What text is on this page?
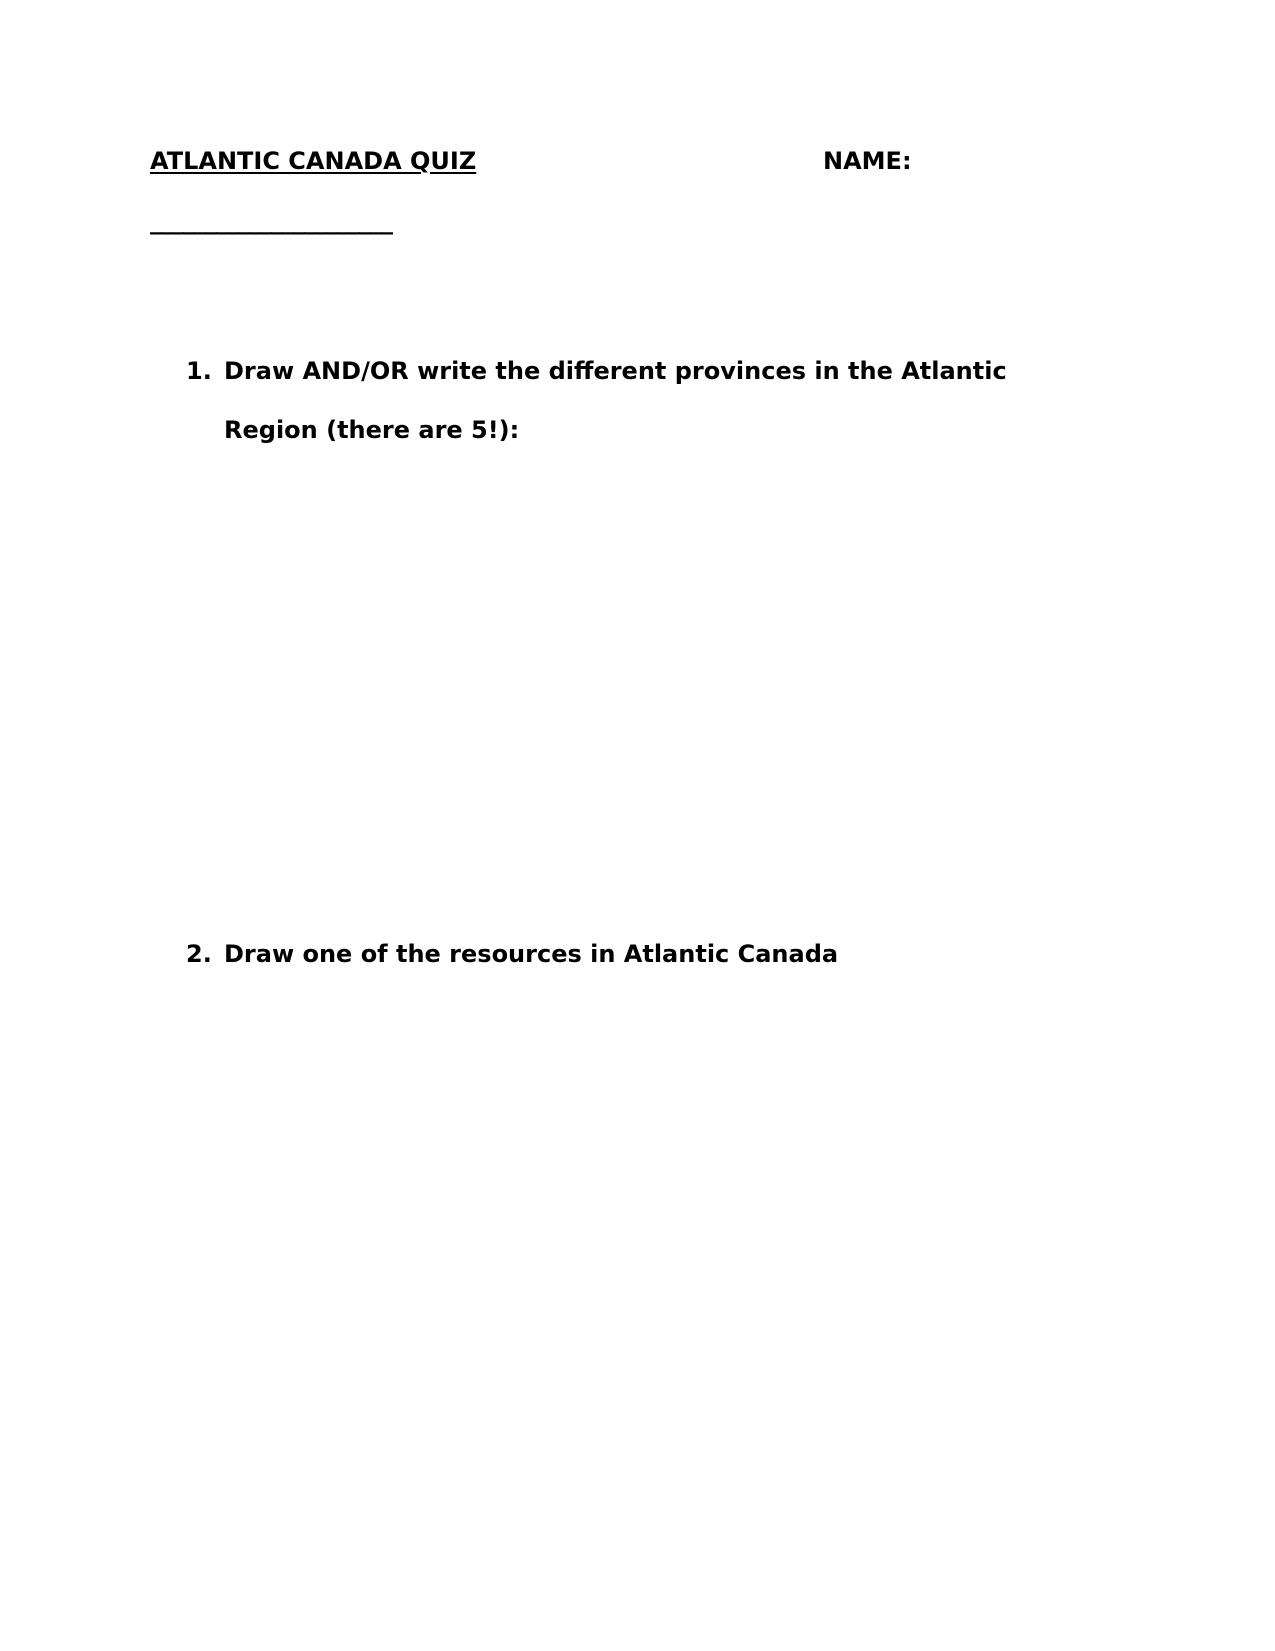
ATLANTIC CANADA QUIZ	NAME:
______________________
1. Draw AND/OR write the different provinces in the Atlantic Region (there are 5!):
2. Draw one of the resources in Atlantic Canada
